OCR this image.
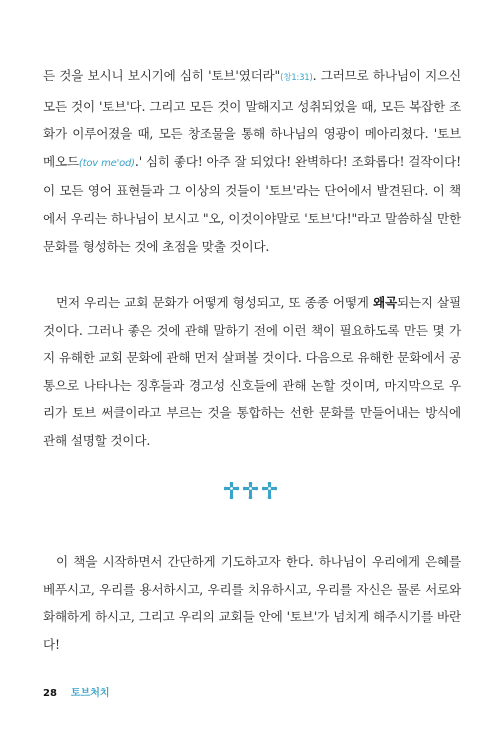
든 것을 보시니 보시기에 심히 '토브'였더라"(창1:31). 그러므로 하나님이 지으신 모든 것이 '토브'다. 그리고 모든 것이 말해지고 성취되었을 때, 모든 복잡한 조화가 이루어졌을 때, 모든 창조물을 통해 하나님의 영광이 메아리쳤다. '토브 메오드(tov me'od).' 심히 좋다! 아주 잘 되었다! 완벽하다! 조화롭다! 걸작이다! 이 모든 영어 표현들과 그 이상의 것들이 '토브'라는 단어에서 발견된다. 이 책에서 우리는 하나님이 보시고 "오, 이것이야말로 '토브'다!"라고 말씀하실 만한 문화를 형성하는 것에 초점을 맞출 것이다.

먼저 우리는 교회 문화가 어떻게 형성되고, 또 종종 어떻게 왜곡되는지 살필 것이다. 그러나 좋은 것에 관해 말하기 전에 이런 책이 필요하도록 만든 몇 가지 유해한 교회 문화에 관해 먼저 살펴볼 것이다. 다음으로 유해한 문화에서 공통으로 나타나는 징후들과 경고성 신호들에 관해 논할 것이며, 마지막으로 우리가 토브 써클이라고 부르는 것을 통합하는 선한 문화를 만들어내는 방식에 관해 설명할 것이다.

이 책을 시작하면서 간단하게 기도하고자 한다. 하나님이 우리에게 은혜를 베푸시고, 우리를 용서하시고, 우리를 치유하시고, 우리를 자신은 물론 서로와 화해하게 하시고, 그리고 우리의 교회들 안에 '토브'가 넘치게 해주시기를 바란다!

28 토브처치
